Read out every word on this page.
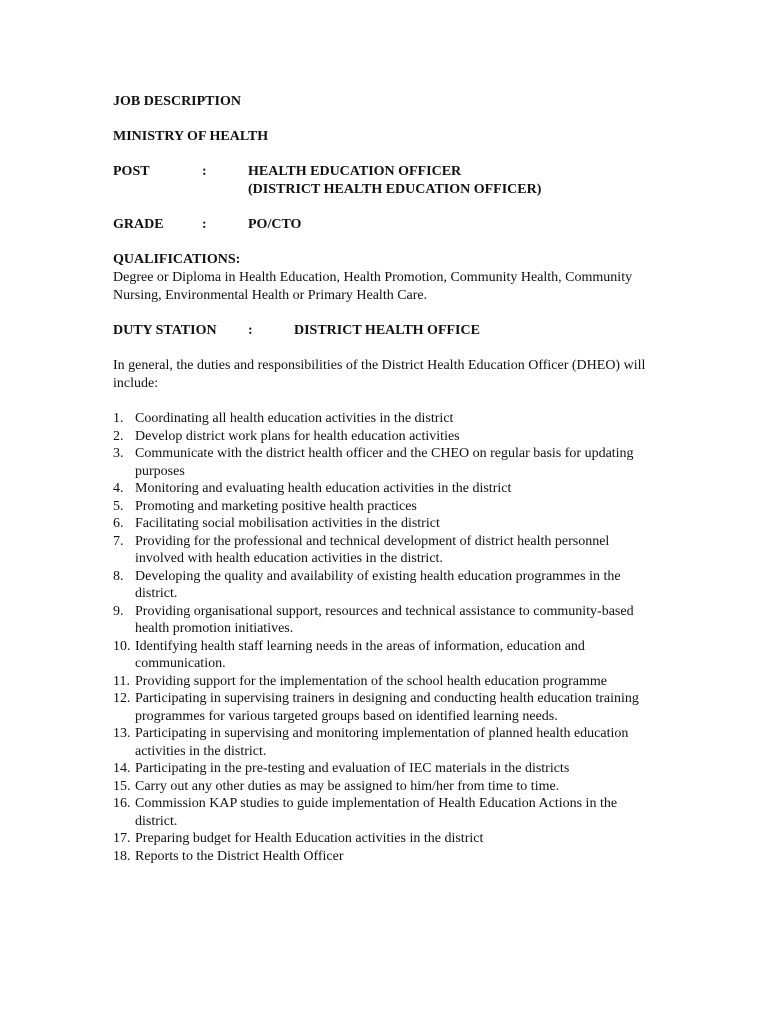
JOB DESCRIPTION
MINISTRY OF HEALTH
POST	:	HEALTH EDUCATION OFFICER
(DISTRICT HEALTH EDUCATION OFFICER)
GRADE	:	PO/CTO
QUALIFICATIONS:

Degree or Diploma in Health Education, Health Promotion, Community Health, Community Nursing, Environmental Health or Primary Health Care.

DUTY STATION :	DISTRICT HEALTH OFFICE

In general, the duties and responsibilities of the District Health Education Officer (DHEO) will include:

1. Coordinating all health education activities in the district
2. Develop district work plans for health education activities
3. Communicate with the district health officer and the CHEO on regular basis for updating purposes
4. Monitoring and evaluating health education activities in the district
5. Promoting and marketing positive health practices
6. Facilitating social mobilisation activities in the district
7. Providing for the professional and technical development of district health personnel involved with health education activities in the district.
8. Developing the quality and availability of existing health education programmes in the district.
9. Providing organisational support, resources and technical assistance to community-based health promotion initiatives.
10. Identifying health staff learning needs in the areas of information, education and communication.
11. Providing support for the implementation of the school health education programme
12. Participating in supervising trainers in designing and conducting health education training programmes for various targeted groups based on identified learning needs.
13. Participating in supervising and monitoring implementation of planned health education activities in the district.
14. Participating in the pre-testing and evaluation of IEC materials in the districts
15. Carry out any other duties as may be assigned to him/her from time to time.
16. Commission KAP studies to guide implementation of Health Education Actions in the district.
17. Preparing budget for Health Education activities in the district
18. Reports to the District Health Officer
